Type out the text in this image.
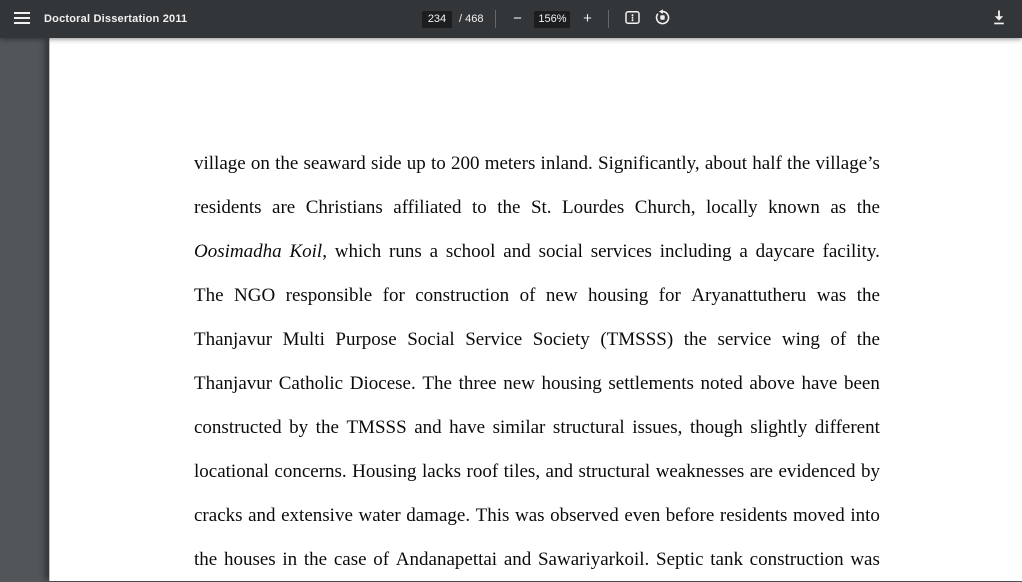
Doctoral Dissertation 2011
234	/ 468	−
156%	+
village on the seaward side up to 200 meters inland. Significantly, about half the village’s
residents are Christians affiliated to the St. Lourdes Church, locally known as the
Oosimadha Koil, which runs a school and social services including a daycare facility.
The NGO responsible for construction of new housing for Aryanattutheru was the
Thanjavur Multi Purpose Social Service Society (TMSSS) the service wing of the
Thanjavur Catholic Diocese. The three new housing settlements noted above have been
constructed by the TMSSS and have similar structural issues, though slightly different
locational concerns. Housing lacks roof tiles, and structural weaknesses are evidenced by
cracks and extensive water damage. This was observed even before residents moved into
the houses in the case of Andanapettai and Sawariyarkoil. Septic tank construction was
